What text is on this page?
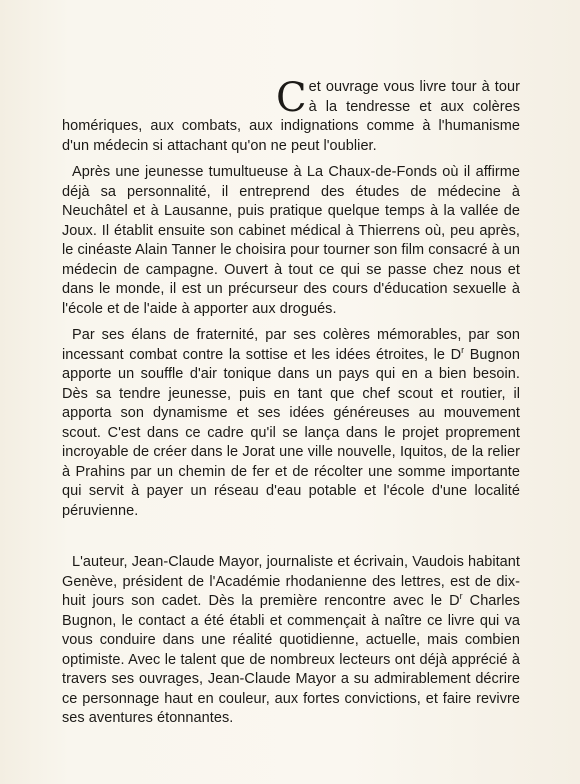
Cet ouvrage vous livre tour à tour à la tendresse et aux colères homériques, aux combats, aux indignations comme à l'humanisme d'un médecin si attachant qu'on ne peut l'oublier.

Après une jeunesse tumultueuse à La Chaux-de-Fonds où il affirme déjà sa personnalité, il entreprend des études de médecine à Neuchâtel et à Lausanne, puis pratique quelque temps à la vallée de Joux. Il établit ensuite son cabinet médical à Thierrens où, peu après, le cinéaste Alain Tanner le choisira pour tourner son film consacré à un médecin de campagne. Ouvert à tout ce qui se passe chez nous et dans le monde, il est un précurseur des cours d'éducation sexuelle à l'école et de l'aide à apporter aux drogués.

Par ses élans de fraternité, par ses colères mémorables, par son incessant combat contre la sottise et les idées étroites, le $D^r$ Bugnon apporte un souffle d'air tonique dans un pays qui en a bien besoin. Dès sa tendre jeunesse, puis en tant que chef scout et routier, il apporta son dynamisme et ses idées généreuses au mouvement scout. C'est dans ce cadre qu'il se lança dans le projet proprement incroyable de créer dans le Jorat une ville nouvelle, Iquitos, de la relier à Prahins par un chemin de fer et de récolter une somme importante qui servit à payer un réseau d'eau potable et l'école d'une localité péruvienne.

L'auteur, Jean-Claude Mayor, journaliste et écrivain, Vaudois habitant Genève, président de l'Académie rhodanienne des lettres, est de dix-huit jours son cadet. Dès la première rencontre avec le $D^r$ Charles Bugnon, le contact a été établi et commençait à naître ce livre qui va vous conduire dans une réalité quotidienne, actuelle, mais combien optimiste. Avec le talent que de nombreux lecteurs ont déjà apprécié à travers ses ouvrages, Jean-Claude Mayor a su admirablement décrire ce personnage haut en couleur, aux fortes convictions, et faire revivre ses aventures étonnantes.
